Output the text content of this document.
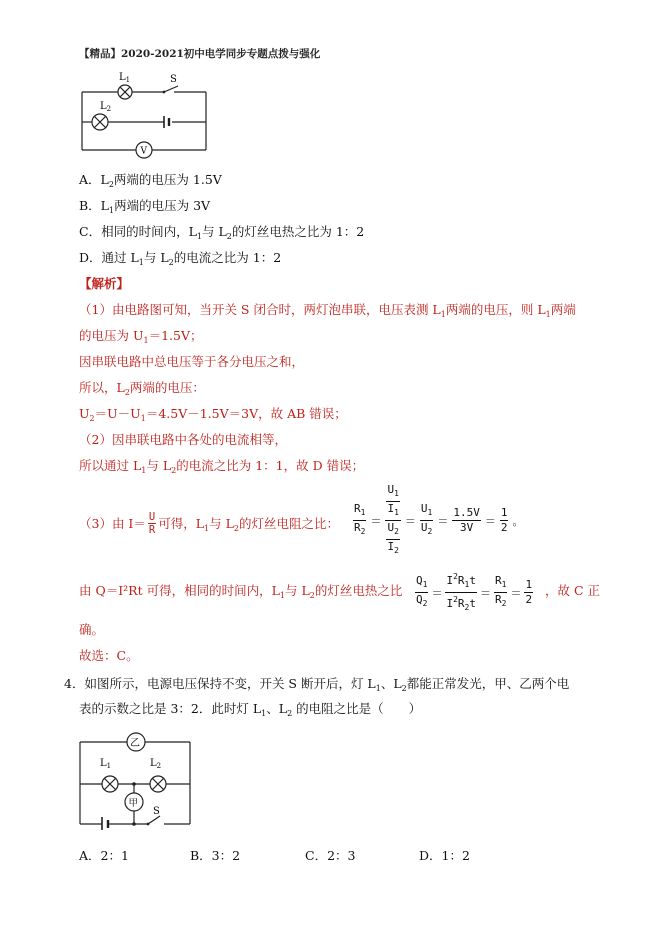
【精品】2020-2021初中电学同步专题点拨与强化
$L_1$
$L_2$
S
V
A．$L_2$两端的电压为 1.5V
B．$L_1$两端的电压为 3V
C．相同的时间内，$L_1$与 $L_2$的灯丝电热之比为 1：2
D．通过 $L_1$与 $L_2$的电流之比为 1：2
【解析】
（1）由电路图可知，当开关 S 闭合时，两灯泡串联，电压表测 $L_1$两端的电压，则 $L_1$两端
的电压为 $U_1=1.5V$；
因串联电路中总电压等于各分电压之和，
所以，$L_2$两端的电压：
$U_2=U-U_1=4.5V-1.5V=3V$，故 AB 错误；
（2）因串联电路中各处的电流相等，
所以通过 $L_1$与 $L_2$的电流之比为 1：1，故 D 错误；
（3）由 $I= \frac{U}{R}$ 可得，$L_1$与 $L_2$的灯丝电阻之比： $\frac{R_1}{R_2}$	＝	$\frac{\frac{U_1}{I_1}}{\frac{U_2}{I_2}}$	＝	$\frac{U_1}{U_2}$	＝	$\frac{1.5V}{3V}$	＝	$\frac{1}{2}$	。
由 Q＝I²Rt 可得，相同的时间内，$L_1$与 $L_2$的灯丝电热之比 $\frac{Q_1}{Q_2}$	＝	$\frac{I^2R_1t}{I^2R_2t}$	＝	$\frac{R_1}{R_2}$	＝	$\frac{1}{2}$ ，故 C 正
确。
故选：C。
4．如图所示，电源电压保持不变，开关 S 断开后，灯 $L_1$、$L_2$都能正常发光，甲、乙两个电
表的示数之比是 3：2．此时灯 $L_1$、$L_2$ 的电阻之比是（　　）
乙
甲
$L_1$	$L_2$
S
A．2：1	B．3：2	C．2：3	D．1：2
